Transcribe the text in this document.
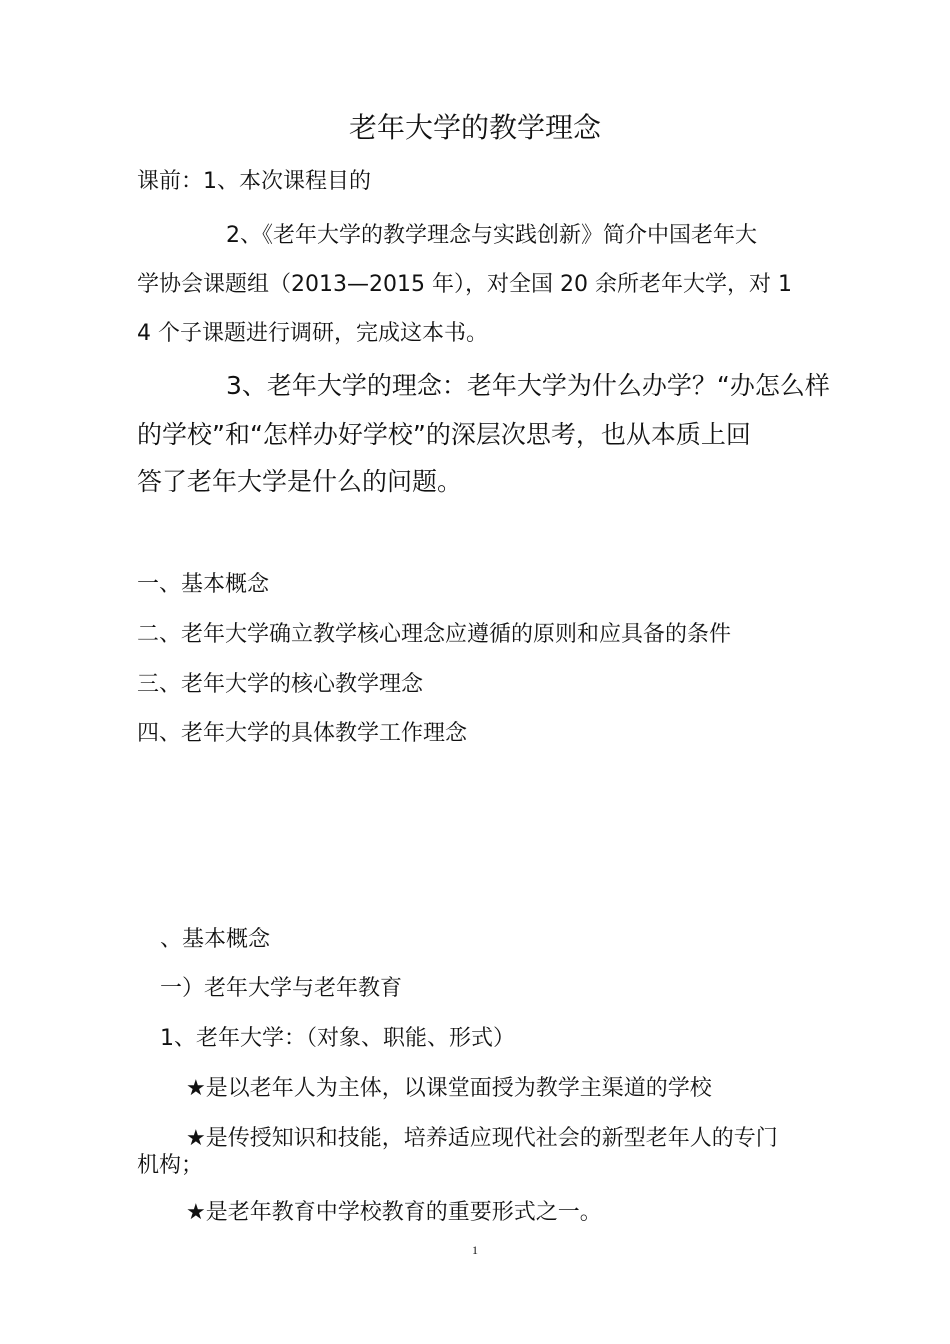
老年大学的教学理念
课前：1、本次课程目的
2、《老年大学的教学理念与实践创新》简介中国老年大
学协会课题组（2013—2015 年），对全国 20 余所老年大学，对 1
4 个子课题进行调研，完成这本书。
3、老年大学的理念：老年大学为什么办学？“办怎么样
的学校”和“怎样办好学校”的深层次思考，也从本质上回
答了老年大学是什么的问题。
一、基本概念
二、老年大学确立教学核心理念应遵循的原则和应具备的条件
三、老年大学的核心教学理念
四、老年大学的具体教学工作理念
、基本概念
一）老年大学与老年教育
1、老年大学：（对象、职能、形式）
★是以老年人为主体，以课堂面授为教学主渠道的学校
★是传授知识和技能，培养适应现代社会的新型老年人的专门
机构；
★是老年教育中学校教育的重要形式之一。
1
